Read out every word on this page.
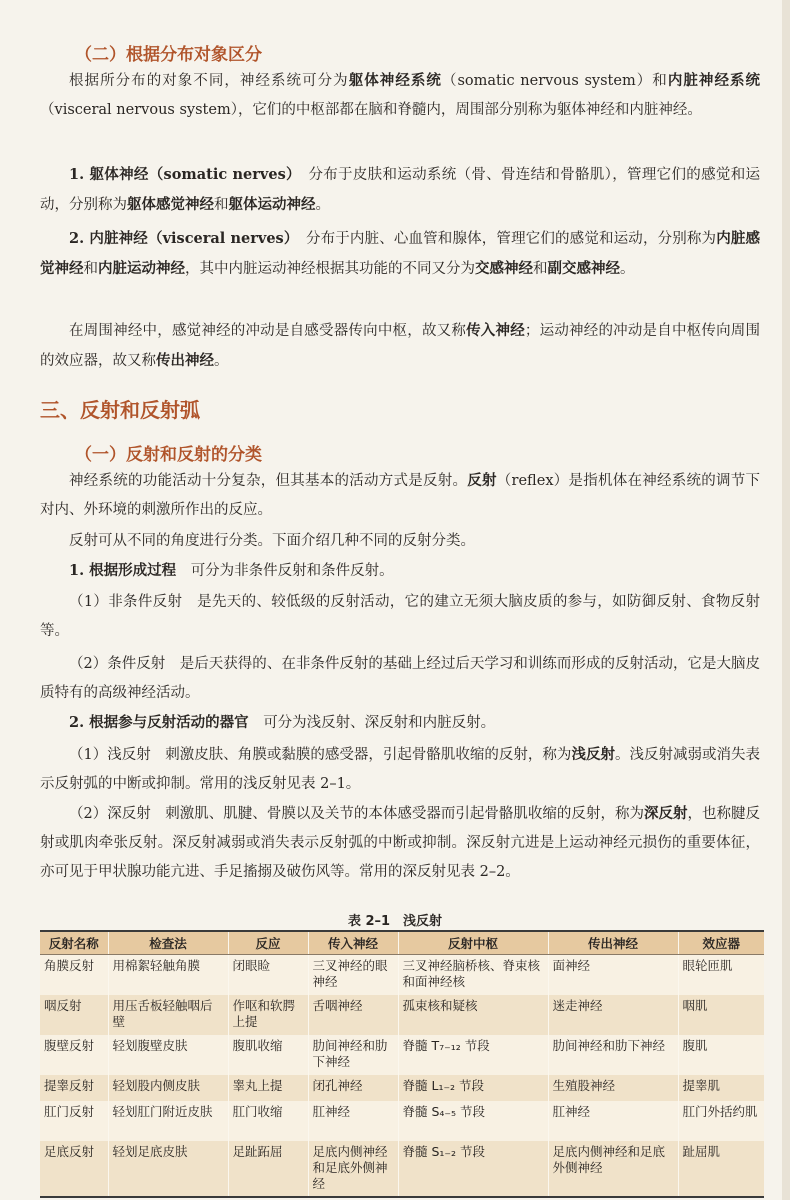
（二）根据分布对象区分
根据所分布的对象不同，神经系统可分为躯体神经系统（somatic nervous system）和内脏神经系统（visceral nervous system），它们的中枢部都在脑和脊髓内，周围部分别称为躯体神经和内脏神经。
1. 躯体神经（somatic nerves）　 分布于皮肤和运动系统（骨、骨连结和骨骼肌），管理它们的感觉和运动，分别称为躯体感觉神经和躯体运动神经。
2. 内脏神经（visceral nerves）　 分布于内脏、心血管和腺体，管理它们的感觉和运动，分别称为内脏感觉神经和内脏运动神经，其中内脏运动神经根据其功能的不同又分为交感神经和副交感神经。
在周围神经中，感觉神经的冲动是自感受器传向中枢，故又称传入神经；运动神经的冲动是自中枢传向周围的效应器，故又称传出神经。
三、反射和反射弧
（一）反射和反射的分类
神经系统的功能活动十分复杂，但其基本的活动方式是反射。反射（reflex）是指机体在神经系统的调节下对内、外环境的刺激所作出的反应。
反射可从不同的角度进行分类。下面介绍几种不同的反射分类。
1. 根据形成过程　 可分为非条件反射和条件反射。
（1）非条件反射　 是先天的、较低级的反射活动，它的建立无须大脑皮质的参与，如防御反射、食物反射等。
（2）条件反射　 是后天获得的、在非条件反射的基础上经过后天学习和训练而形成的反射活动，它是大脑皮质特有的高级神经活动。
2. 根据参与反射活动的器官　 可分为浅反射、深反射和内脏反射。
（1）浅反射　 刺激皮肤、角膜或黏膜的感受器，引起骨骼肌收缩的反射，称为浅反射。浅反射减弱或消失表示反射弧的中断或抑制。常用的浅反射见表 2–1。
（2）深反射　 刺激肌、肌腱、骨膜以及关节的本体感受器而引起骨骼肌收缩的反射，称为深反射，也称腱反射或肌肉牵张反射。深反射减弱或消失表示反射弧的中断或抑制。深反射亢进是上运动神经元损伤的重要体征，亦可见于甲状腺功能亢进、手足搐搦及破伤风等。常用的深反射见表 2–2。
表 2–1　浅反射
反射名称	检查法	反应	传入神经	反射中枢	传出神经	效应器
角膜反射	用棉絮轻触角膜	闭眼睑	三叉神经的眼神经	三叉神经脑桥核、脊束核和面神经核	面神经	眼轮匝肌
咽反射	用压舌板轻触咽后壁	作呕和软腭上提	舌咽神经	孤束核和疑核	迷走神经	咽肌
腹壁反射	轻划腹壁皮肤	腹肌收缩	肋间神经和肋下神经	脊髓 T₇₋₁₂ 节段	肋间神经和肋下神经	腹肌
提睾反射	轻划股内侧皮肤	睾丸上提	闭孔神经	脊髓 L₁₋₂ 节段	生殖股神经	提睾肌
肛门反射	轻划肛门附近皮肤	肛门收缩	肛神经	脊髓 S₄₋₅ 节段	肛神经	肛门外括约肌
足底反射	轻划足底皮肤	足趾跖屈	足底内侧神经和足底外侧神经	脊髓 S₁₋₂ 节段	足底内侧神经和足底外侧神经	趾屈肌
